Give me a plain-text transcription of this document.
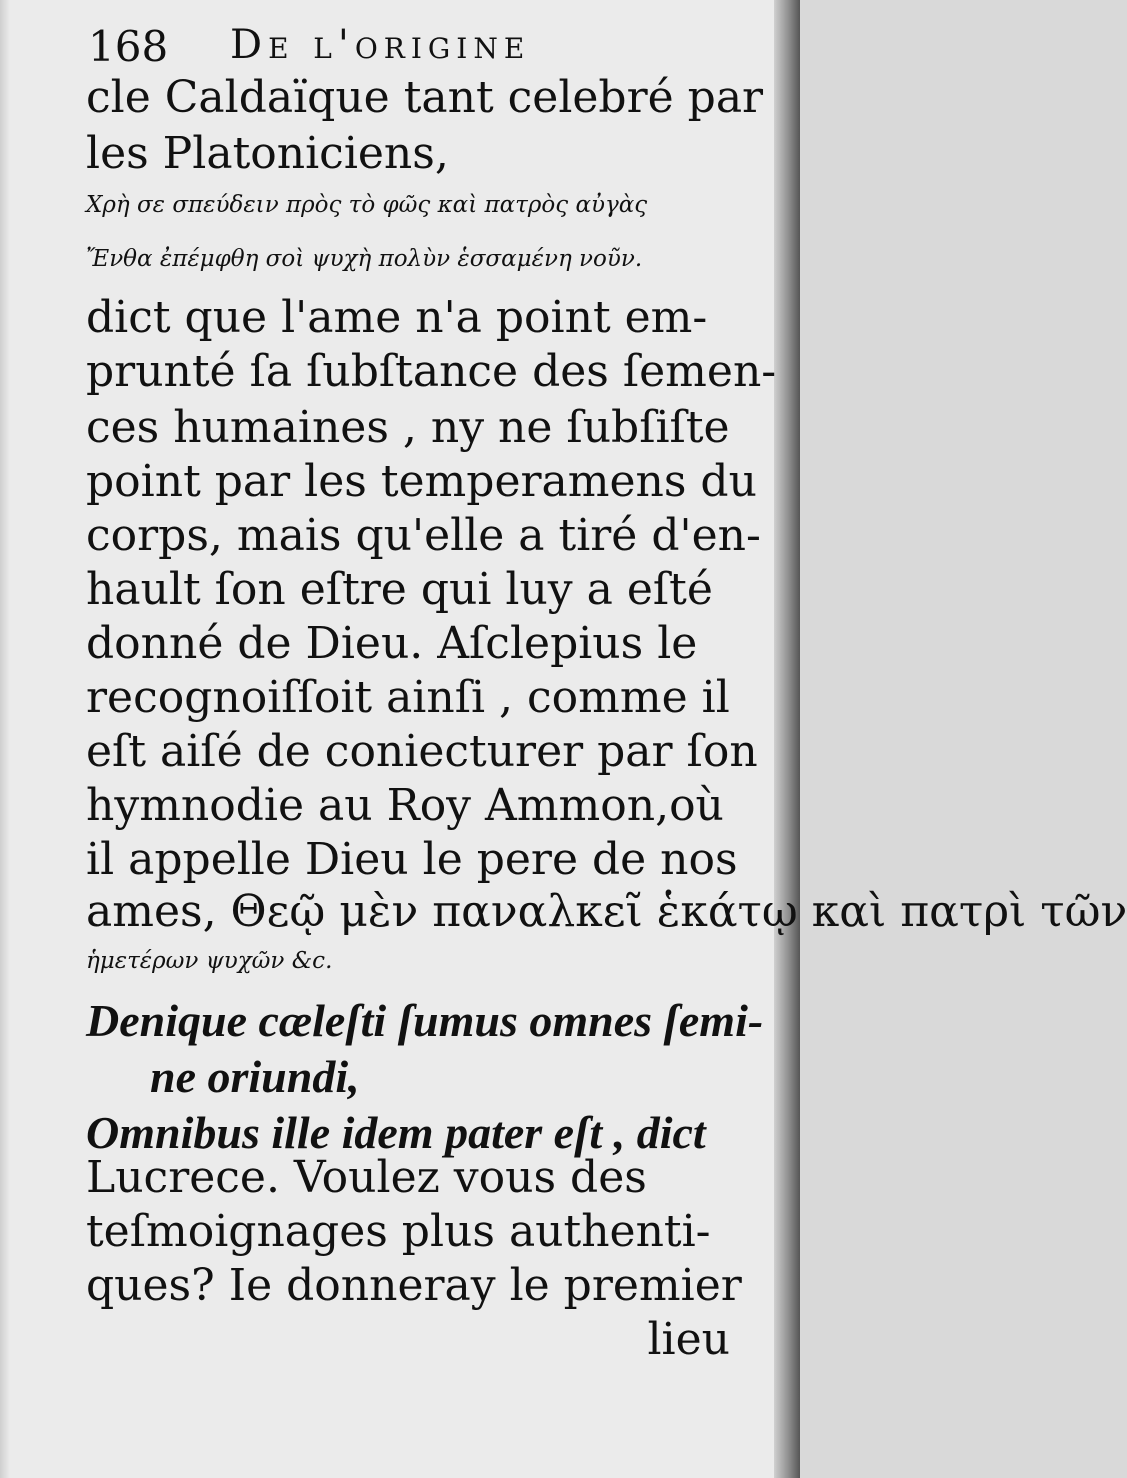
168 De l'origine
cle Caldaïque tant celebré par
les Platoniciens,
Χρὴ σε σπεύδειν πρὸς τὸ φῶς καὶ πατρὸς αὐγὰς
Ἔνθα ἐπέμφθη σοὶ ψυχὴ πολὺν ἑσσαμένη νοῦν.
dict que l'ame n'a point em-
prunté ſa ſubſtance des ſemen-
ces humaines , ny ne ſubſiſte
point par les temperamens du
corps, mais qu'elle a tiré d'en-
hault ſon eſtre qui luy a eſté
donné de Dieu. Aſclepius le
recognoiſſoit ainſi , comme il
eſt aiſé de coniecturer par ſon
hymnodie au Roy Ammon,où
il appelle Dieu le pere de nos
ames, Θεῷ μὲν παναλκεῖ ἑκάτῳ καὶ πατρὶ τῶν
ἡμετέρων ψυχῶν &c.
Denique cæleſti ſumus omnes ſemi-
ne oriundi,
Omnibus ille idem pater eſt , dict
Lucrece. Voulez vous des
teſmoignages plus authenti-
ques? Ie donneray le premier
lieu
